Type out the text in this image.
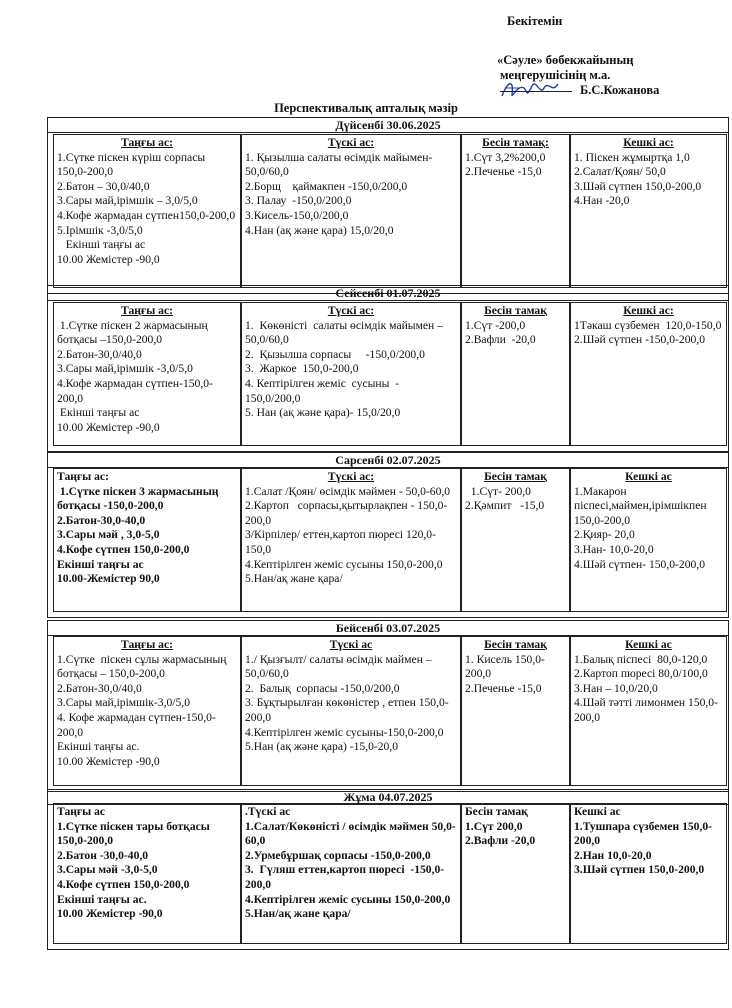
Бекітемін
«Сәуле» бөбекжайының
меңгерушісінің м.а.
Б.С.Кожанова
Перспективалық апталық мәзір
Дүйсенбі 30.06.2025
Таңғы ас:
1.Сүтке піскен күріш сорпасы 150,0-200,0
2.Батон – 30,0/40,0
3.Сары май,ірімшік – 3,0/5,0
4.Кофе жармадан сүтпен150,0-200,0
5.Ірімшік -3,0/5,0
Екінші таңғы ас
10.00 Жемістер -90,0
Түскі ас:
1. Қызылша салаты өсімдік майымен- 50,0/60,0
2.Борщ    қаймакпен -150,0/200,0
3. Палау  -150,0/200,0
3.Кисель-150,0/200,0
4.Нан (ақ және қара) 15,0/20,0
Бесін тамақ:
1.Сүт 3,2%200,0
2.Печенье -15,0
Кешкі ас:
1. Піскен жұмыртқа 1,0
2.Салат/Қоян/ 50,0
3.Шәй сүтпен 150,0-200,0
4.Нан -20,0
Сейсенбі 01.07.2025
Таңғы ас:
1.Сүтке піскен 2 жармасының ботқасы –150,0-200,0
2.Батон-30,0/40,0
3.Сары май,ірімшік -3,0/5,0
4.Кофе жармадан сүтпен-150,0-200,0
Екінші таңғы ас
10.00 Жемістер -90,0
Түскі ас:
1.  Көкөністі  салаты өсімдік майымен – 50,0/60,0
2.  Қызылша сорпасы     -150,0/200,0
3.  Жаркое  150,0-200,0
4. Кептірілген жеміс  сусыны  - 150,0/200,0
5. Нан (ақ және қара)- 15,0/20,0
Бесін тамақ
1.Сүт -200,0
2.Вафли  -20,0
Кешкі ас:
1Тәкаш сүзбемен  120,0-150,0
2.Шәй сүтпен -150,0-200,0
Сарсенбі 02.07.2025
Таңғы ас:
1.Сүтке піскен 3 жармасының ботқасы -150,0-200,0
2.Батон-30,0-40,0
3.Сары мәй , 3,0-5,0
4.Кофе сүтпен 150,0-200,0
Екінші таңғы ас
10.00-Жемістер 90,0
Түскі ас:
1.Салат /Қоян/ өсімдік мәймен - 50,0-60,0
2.Картоп   сорпасы,қытырлақпен - 150,0-200,0
3/Кірпілер/ еттен,картоп пюресі 120,0-150,0
4.Кептірілген жеміс сусыны 150,0-200,0
5.Нан/ақ жане қара/
Бесін тамақ
1.Сүт- 200,0
2.Қәмпит   -15,0
Кешкі ас
1.Макарон піспесі,маймен,ірімшікпен 150,0-200,0
2.Қияр- 20,0
3.Нан- 10,0-20,0
4.Шәй сүтпен- 150,0-200,0
Бейсенбі 03.07.2025
Таңғы ас:
1.Сүтке  піскен сұлы жармасының  ботқасы – 150,0-200,0
2.Батон-30,0/40,0
3.Сары май,ірімшік-3,0/5,0
4. Кофе жармадан сүтпен-150,0-200,0
Екінші таңғы ас.
10.00 Жемістер -90,0
Түскі ас
1./ Қызғылт/ салаты өсімдік маймен – 50,0/60,0
2.  Балық  сорпасы -150,0/200,0
3. Бұқтырылған көкөністер , етпен 150,0-200,0
4.Кептірілген жеміс сусыны-150,0-200,0
5.Нан (ақ және қара) -15,0-20,0
Бесін тамақ
1. Кисель 150,0-200,0
2.Печенье -15,0
Кешкі ас
1.Балық піспесі  80,0-120,0
2.Картоп пюресі 80,0/100,0
3.Нан – 10,0/20,0
4.Шәй тәтті лимонмен 150,0-200,0
Жұма 04.07.2025
Таңғы ас
1.Сүтке піскен тары ботқасы 150,0-200,0
2.Батон -30,0-40,0
3.Сары мәй -3,0-5,0
4.Кофе сүтпен 150,0-200,0
Екінші таңғы ас.
10.00 Жемістер -90,0
.Түскі ас
1.Салат/Көкөністі / өсімдік мәймен 50,0-60,0
2.Урмебұршақ сорпасы -150,0-200,0
3.  Гүляш еттен,картоп пюресі  -150,0-200,0
4.Кептірілген жеміс сусыны 150,0-200,0
5.Нан/ақ жане қара/
Бесін тамақ
1.Сүт 200,0
2.Вафли -20,0
Кешкі ас
1.Тушпара сүзбемен 150,0-200,0
2.Нан 10,0-20,0
3.Шәй сүтпен 150,0-200,0
